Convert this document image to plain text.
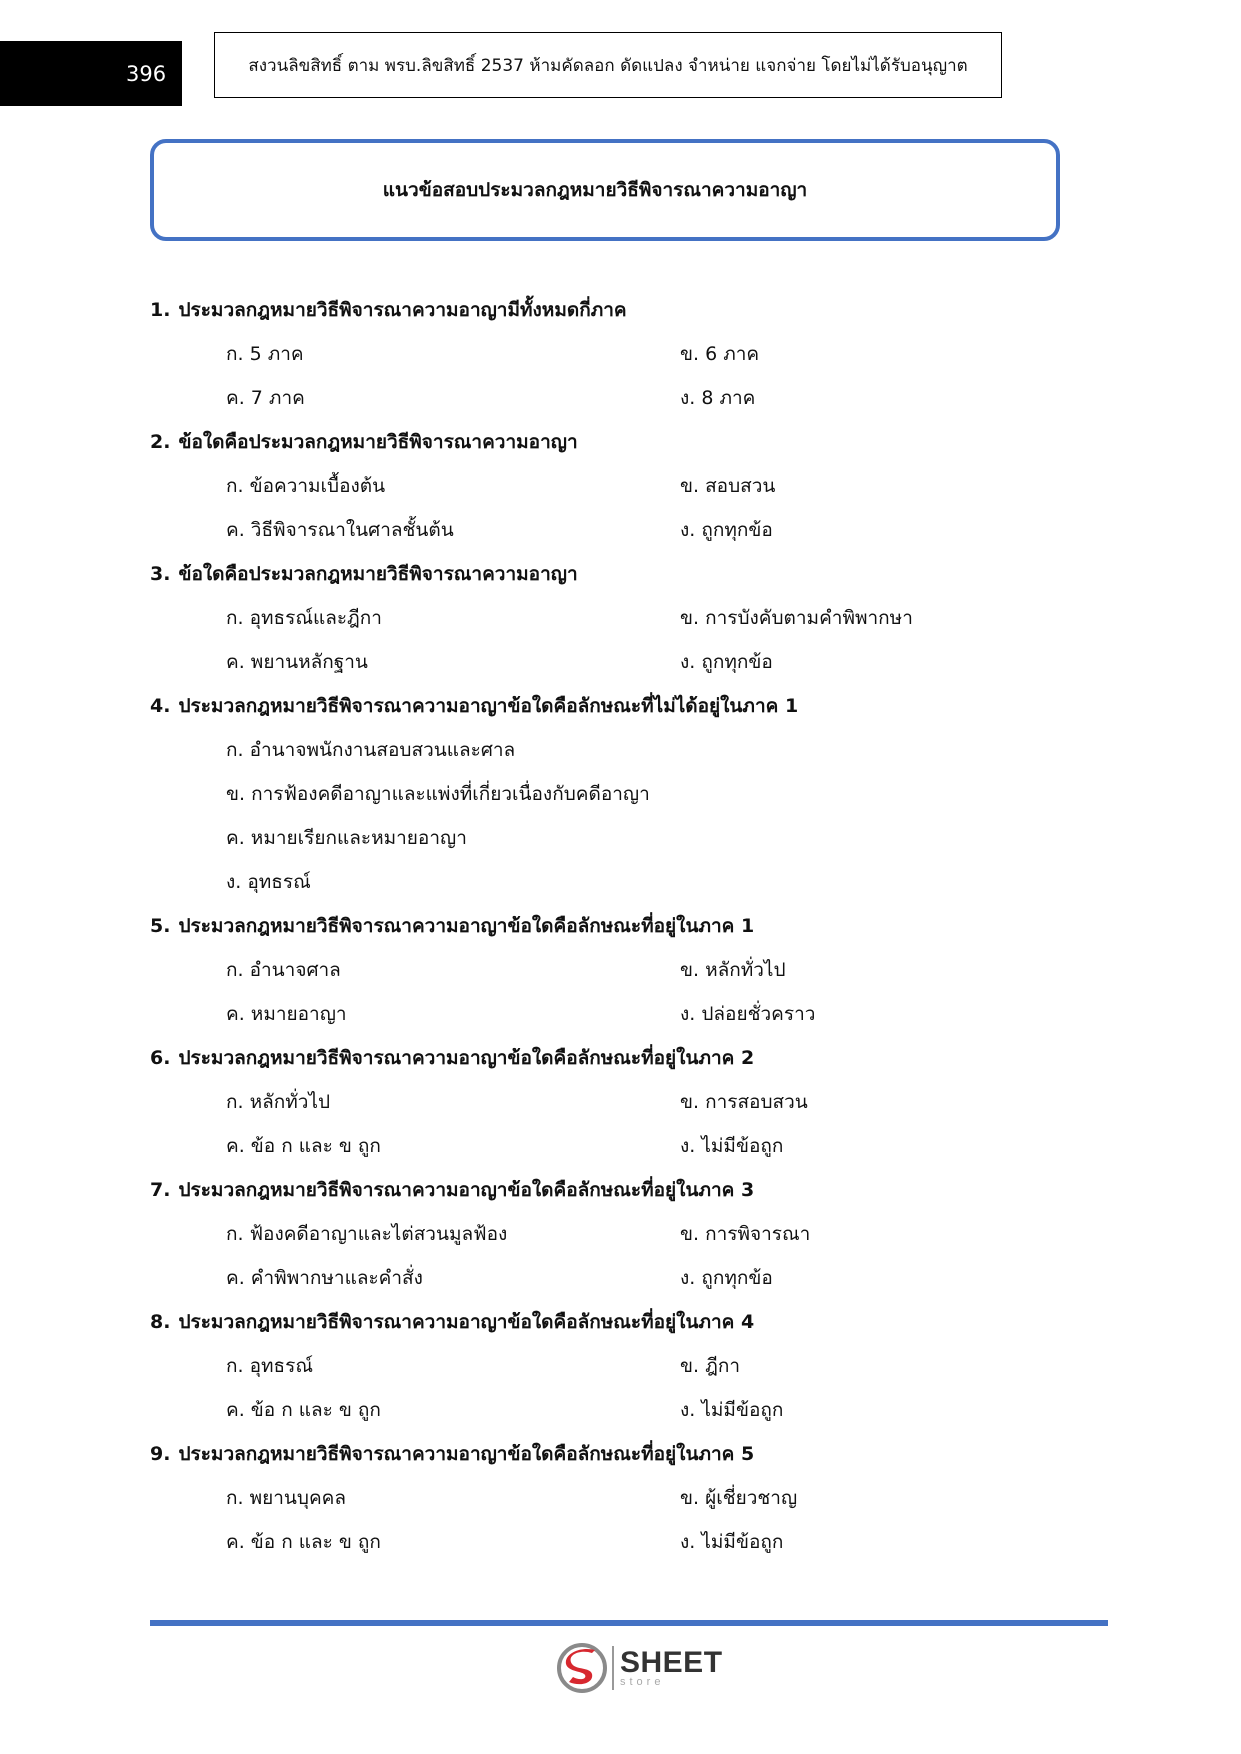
396	สงวนลิขสิทธิ์ ตาม พรบ.ลิขสิทธิ์ 2537 ห้ามคัดลอก ดัดแปลง จำหน่าย แจกจ่าย โดยไม่ได้รับอนุญาต
แนวข้อสอบประมวลกฎหมายวิธีพิจารณาความอาญา
1. ประมวลกฎหมายวิธีพิจารณาความอาญามีทั้งหมดกี่ภาค
ก. 5 ภาค	ข. 6 ภาค
ค. 7 ภาค	ง. 8 ภาค
2. ข้อใดคือประมวลกฎหมายวิธีพิจารณาความอาญา
ก. ข้อความเบื้องต้น	ข. สอบสวน
ค. วิธีพิจารณาในศาลชั้นต้น	ง. ถูกทุกข้อ
3. ข้อใดคือประมวลกฎหมายวิธีพิจารณาความอาญา
ก. อุทธรณ์และฎีกา	ข. การบังคับตามคำพิพากษา
ค. พยานหลักฐาน	ง. ถูกทุกข้อ
4. ประมวลกฎหมายวิธีพิจารณาความอาญาข้อใดคือลักษณะที่ไม่ได้อยู่ในภาค 1
ก. อำนาจพนักงานสอบสวนและศาล
ข. การฟ้องคดีอาญาและแพ่งที่เกี่ยวเนื่องกับคดีอาญา
ค. หมายเรียกและหมายอาญา
ง. อุทธรณ์
5. ประมวลกฎหมายวิธีพิจารณาความอาญาข้อใดคือลักษณะที่อยู่ในภาค 1
ก. อำนาจศาล	ข. หลักทั่วไป
ค. หมายอาญา	ง. ปล่อยชั่วคราว
6. ประมวลกฎหมายวิธีพิจารณาความอาญาข้อใดคือลักษณะที่อยู่ในภาค 2
ก. หลักทั่วไป	ข. การสอบสวน
ค. ข้อ ก และ ข ถูก	ง. ไม่มีข้อถูก
7. ประมวลกฎหมายวิธีพิจารณาความอาญาข้อใดคือลักษณะที่อยู่ในภาค 3
ก. ฟ้องคดีอาญาและไต่สวนมูลฟ้อง	ข. การพิจารณา
ค. คำพิพากษาและคำสั่ง	ง. ถูกทุกข้อ
8. ประมวลกฎหมายวิธีพิจารณาความอาญาข้อใดคือลักษณะที่อยู่ในภาค 4
ก. อุทธรณ์	ข. ฎีกา
ค. ข้อ ก และ ข ถูก	ง. ไม่มีข้อถูก
9. ประมวลกฎหมายวิธีพิจารณาความอาญาข้อใดคือลักษณะที่อยู่ในภาค 5
ก. พยานบุคคล	ข. ผู้เชี่ยวชาญ
ค. ข้อ ก และ ข ถูก	ง. ไม่มีข้อถูก
SHEET
store
